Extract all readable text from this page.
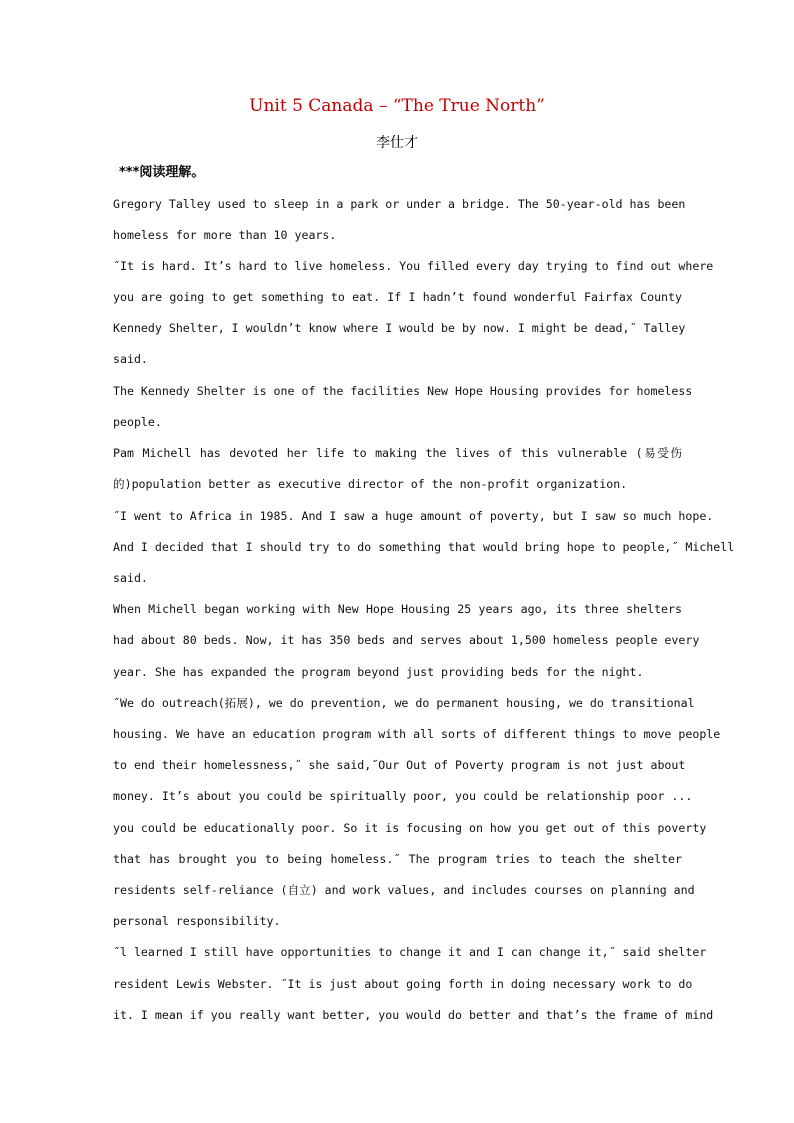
Unit 5 Canada – “The True North”
李仕才
***阅读理解。
Gregory Talley used to sleep in a park or under a bridge. The 50-year-old has been
homeless for more than 10 years.
˝It is hard. It’s hard to live homeless. You filled every day trying to find out where
you are going to get something to eat. If I hadn’t found wonderful Fairfax County
Kennedy Shelter, I wouldn’t know where I would be by now. I might be dead,˝ Talley
said.
The Kennedy Shelter is one of the facilities New Hope Housing provides for homeless
people.
Pam Michell has devoted her life to making the lives of this vulnerable (易受伤
的)population better as executive director of the non-profit organization.
˝I went to Africa in 1985. And I saw a huge amount of poverty, but I saw so much hope.
And I decided that I should try to do something that would bring hope to people,˝ Michell
said.
When Michell began working with New Hope Housing 25 years ago, its three shelters
had about 80 beds. Now, it has 350 beds and serves about 1,500 homeless people every
year. She has expanded the program beyond just providing beds for the night.
˝We do outreach(拓展), we do prevention, we do permanent housing, we do transitional
housing. We have an education program with all sorts of different things to move people
to end their homelessness,˝ she said,˝Our Out of Poverty program is not just about
money. It’s about you could be spiritually poor, you could be relationship poor ...
you could be educationally poor. So it is focusing on how you get out of this poverty
that has brought you to being homeless.˝ The program tries to teach the shelter
residents self-reliance (自立) and work values, and includes courses on planning and
personal responsibility.
˝l learned I still have opportunities to change it and I can change it,˝ said shelter
resident Lewis Webster. ˝It is just about going forth in doing necessary work to do
it. I mean if you really want better, you would do better and that’s the frame of mind
